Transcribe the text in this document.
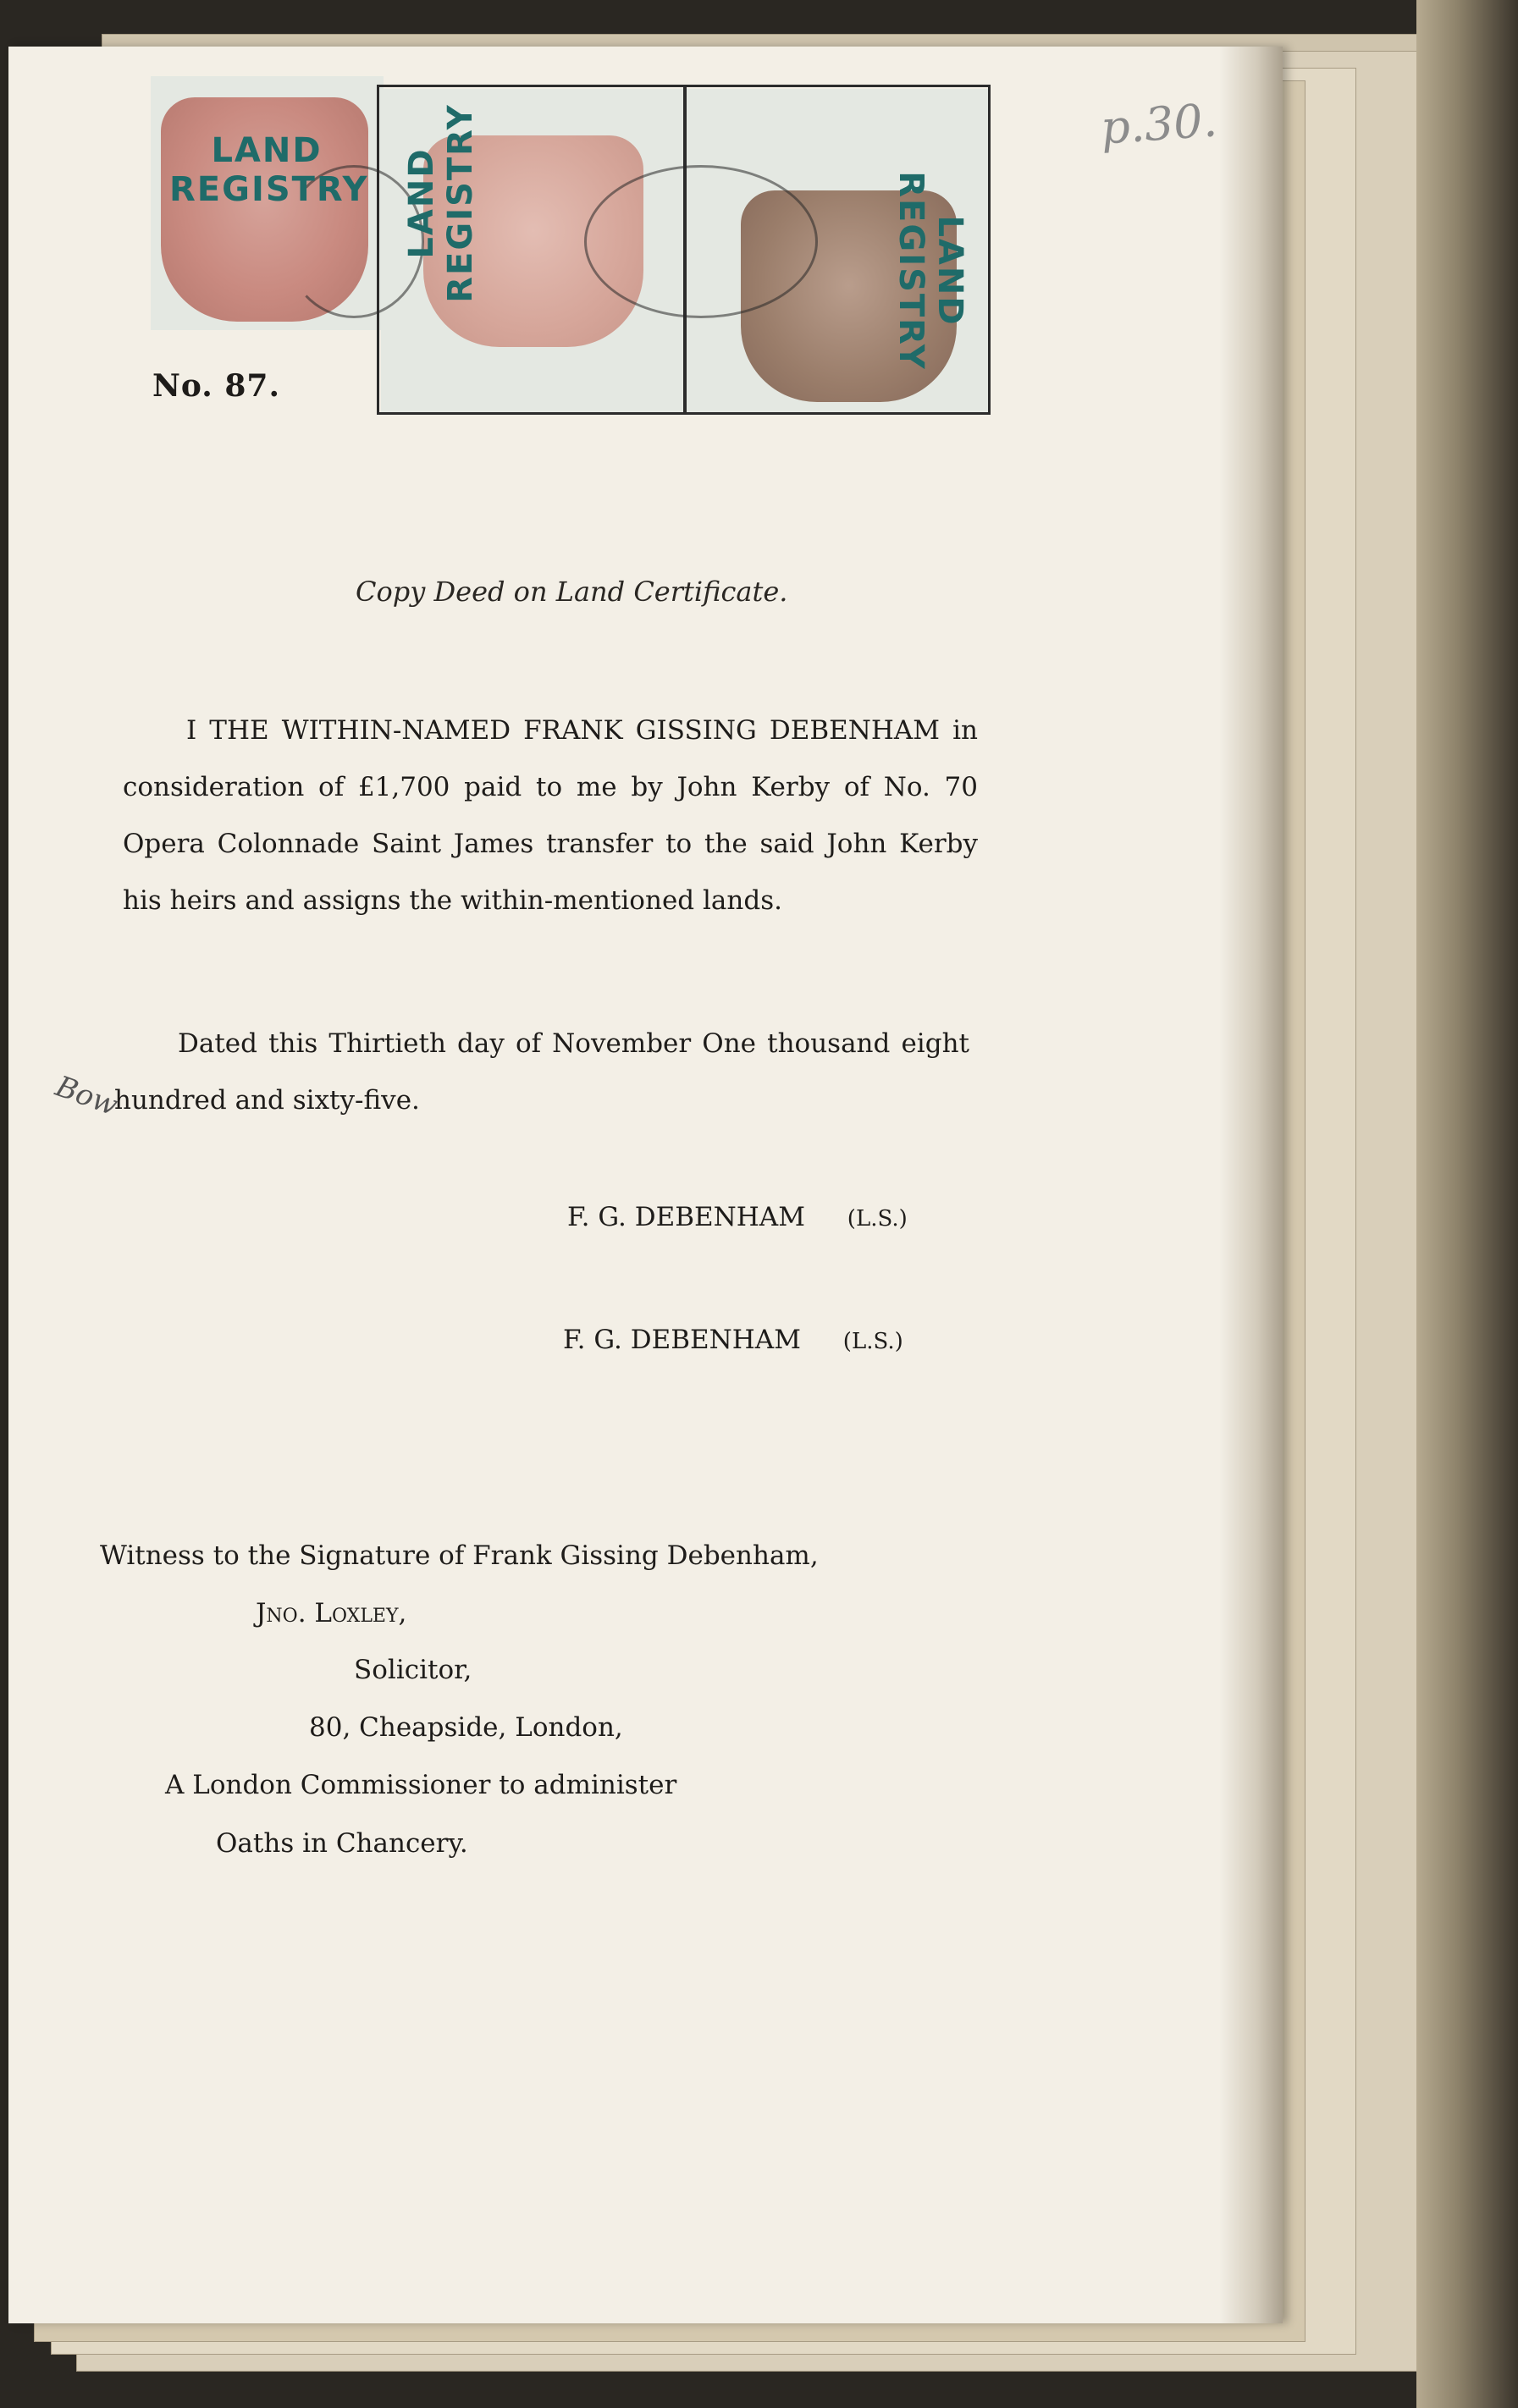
LAND
REGISTRY LAND
REGISTRY	LAND
REGISTRY
p.30.
No. 87.
Copy Deed on Land Certificate.

I THE WITHIN-NAMED FRANK GISSING DEBENHAM in consideration of £1,700 paid to me by John Kerby of No. 70 Opera Colonnade Saint James transfer to the said John Kerby his heirs and assigns the within-mentioned lands.

Dated this Thirtieth day of November One thousand eight hundred and sixty-five.

Bow
F. G. DEBENHAM (L.S.)
F. G. DEBENHAM (L.S.)
Witness to the Signature of Frank Gissing Debenham,
Jno. Loxley,
Solicitor,
80, Cheapside, London,
A London Commissioner to administer
Oaths in Chancery.
